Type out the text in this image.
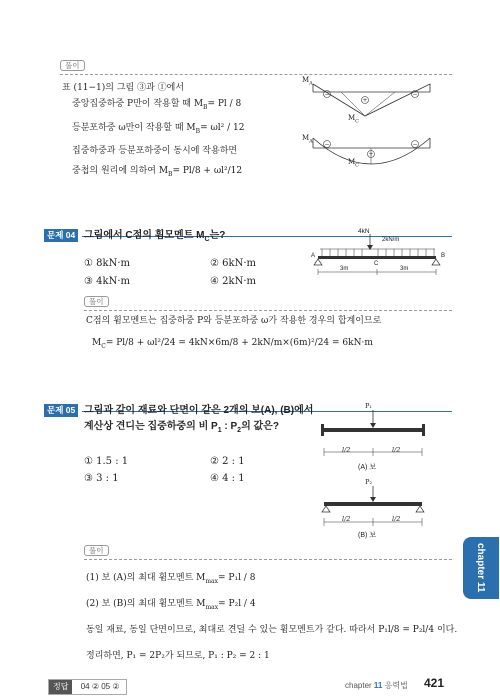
풀이
표 (11−1)의 그림 ③과 ①에서
중앙집중하중 P만이 작용할 때 $M_B= Pl / 8$
등분포하중 ω만이 작용할 때 $M_B= \omega l^2 / 12$
집중하중과 등분포하중이 동시에 작용하면
중첩의 원리에 의하여 $M_B= Pl/8 + \omega l^2/12$
−
+
−
−
+
−
$M_A$
$M_C$
$M_A$
$M_C$
문제 04 그림에서 C점의 휨모멘트 $M_C$는?
① 8kN·m	② 6kN·m
③ 4kN·m	④ 2kN·m
4kN
2kN/m
A	B
C
3m	3m
풀이
C점의 휨모멘트는 집중하중 P와 등분포하중 ω가 작용한 경우의 합계이므로
$M_C= Pl/8 + \omega l^2/24 = 4kN\times 6m/8 + 2kN/m\times(6m)^2/24 = 6kN\cdot m$
문제 05 그림과 같이 재료와 단면이 같은 2개의 보(A), (B)에서
계산상 견디는 집중하중의 비 $P_1$ : $P_2$의 값은?
① 1.5 : 1	② 2 : 1
③ 3 : 1	④ 4 : 1
P₁
l/2	l/2
(A) 보
P₂
l/2	l/2
(B) 보
풀이
(1) 보 (A)의 최대 휨모멘트 $M_{max}= P_1l / 8$
(2) 보 (B)의 최대 휨모멘트 $M_{max}= P_2l / 4$
동일 재료, 동일 단면이므로, 최대로 견딜 수 있는 휨모멘트가 같다. 따라서 P₁l/8 = P₂l/4 이다.
정리하면, P₁ = 2P₂가 되므로, P₁ : P₂ = 2 : 1
chapter 11
정답 04 ② 05 ②	chapter 11 응력법 421
